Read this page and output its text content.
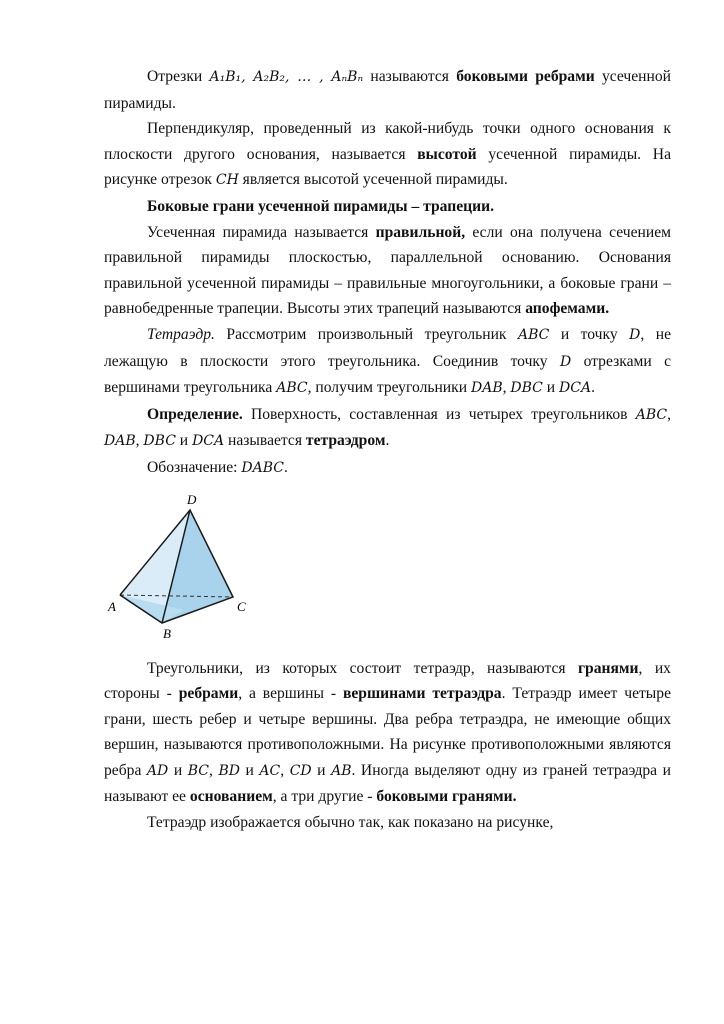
Отрезки A₁B₁, A₂B₂, … , AₙBₙ называются боковыми ребрами усеченной пирамиды.

Перпендикуляр, проведенный из какой-нибудь точки одного основания к плоскости другого основания, называется высотой усеченной пирамиды. На рисунке отрезок CH является высотой усеченной пирамиды.

Боковые грани усеченной пирамиды – трапеции.

Усеченная пирамида называется правильной, если она получена сечением правильной пирамиды плоскостью, параллельной основанию. Основания правильной усеченной пирамиды – правильные многоугольники, а боковые грани – равнобедренные трапеции. Высоты этих трапеций называются апофемами.

Тетраэдр. Рассмотрим произвольный треугольник ABC и точку D, не лежащую в плоскости этого треугольника. Соединив точку D отрезками с вершинами треугольника ABC, получим треугольники DAB, DBC и DCA.

Определение. Поверхность, составленная из четырех треугольников ABC, DAB, DBC и DCA называется тетраэдром.

Обозначение: DABC.

D
A	C
B

Треугольники, из которых состоит тетраэдр, называются гранями, их стороны - ребрами, а вершины - вершинами тетраэдра. Тетраэдр имеет четыре грани, шесть ребер и четыре вершины. Два ребра тетраэдра, не имеющие общих вершин, называются противоположными. На рисунке противоположными являются ребра AD и BC, BD и AC, CD и AB. Иногда выделяют одну из граней тетраэдра и называют ее основанием, а три другие - боковыми гранями.

Тетраэдр изображается обычно так, как показано на рисунке,
